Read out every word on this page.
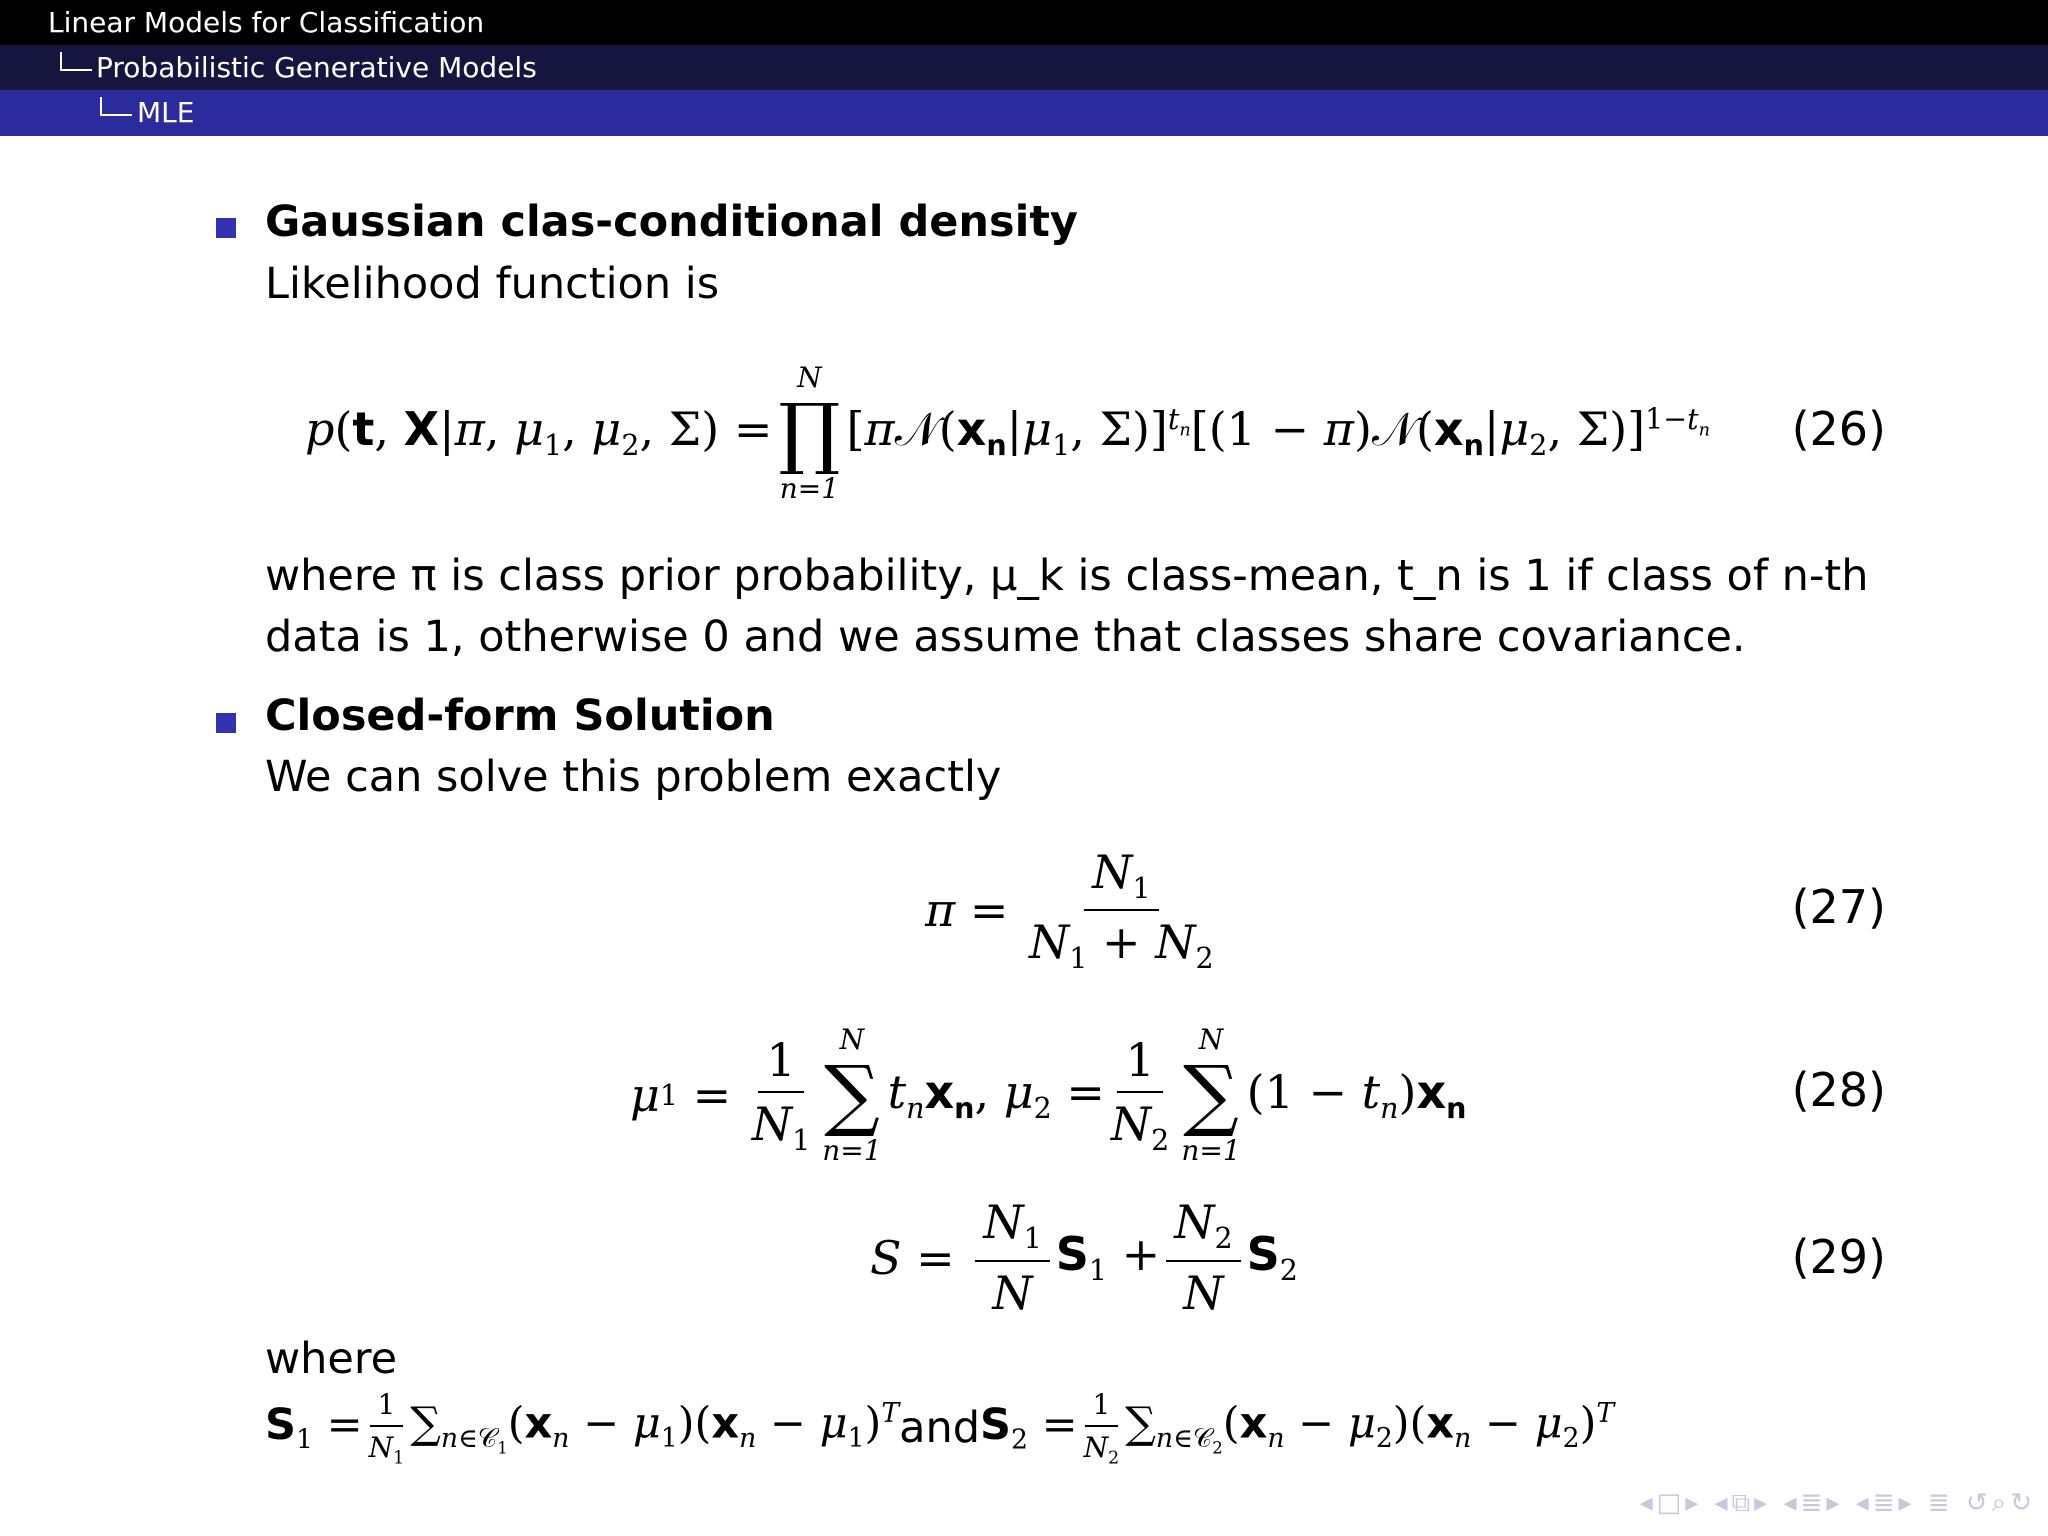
Linear Models for Classification
Probabilistic Generative Models
MLE
Gaussian clas-conditional density
Likelihood function is
p(t, X|π, $\mu_1$, $\mu_2$, Σ) =
N
∏
n=1
[$\pi 𝒩(x_n|\mu_1$, $\Sigma)]^{t_n}[(1 - \pi)𝒩(x_n|\mu_2$, Σ)]$^{1-t_n}$ (26)
where π is class prior probability, μ_k is class-mean, t_n is 1 if class of n-th
data is 1, otherwise 0 and we assume that classes share covariance.
Closed-form Solution
We can solve this problem exactly
$\pi = \frac{N_1}{N_1 + N_2}$	(27)
μ $1 = \frac{1}{N_1}$ N
∑
n=1
$t_nx_n$, $\mu_2 = \frac{1}{N_2}$ N
∑
n=1
$(1 - t_n)x_n$	(28)
$S = \frac{N_1}{N} S_1 + \frac{N_2}{N} S_2$	(29)
where
$S_1 = \frac{1}{N_1} \sum_{n\in 𝒞_1}(x_n - \mu_1)(x_n - \mu_1)^T$ and $S_2 = \frac{1}{N_2} \sum_{n\in 𝒞_2}(x_n - \mu_2)(x_n - \mu_2)^T$
◂□▸ ◂⧉▸ ◂≣▸ ◂≣▸ ≣ ↺⌕↻
